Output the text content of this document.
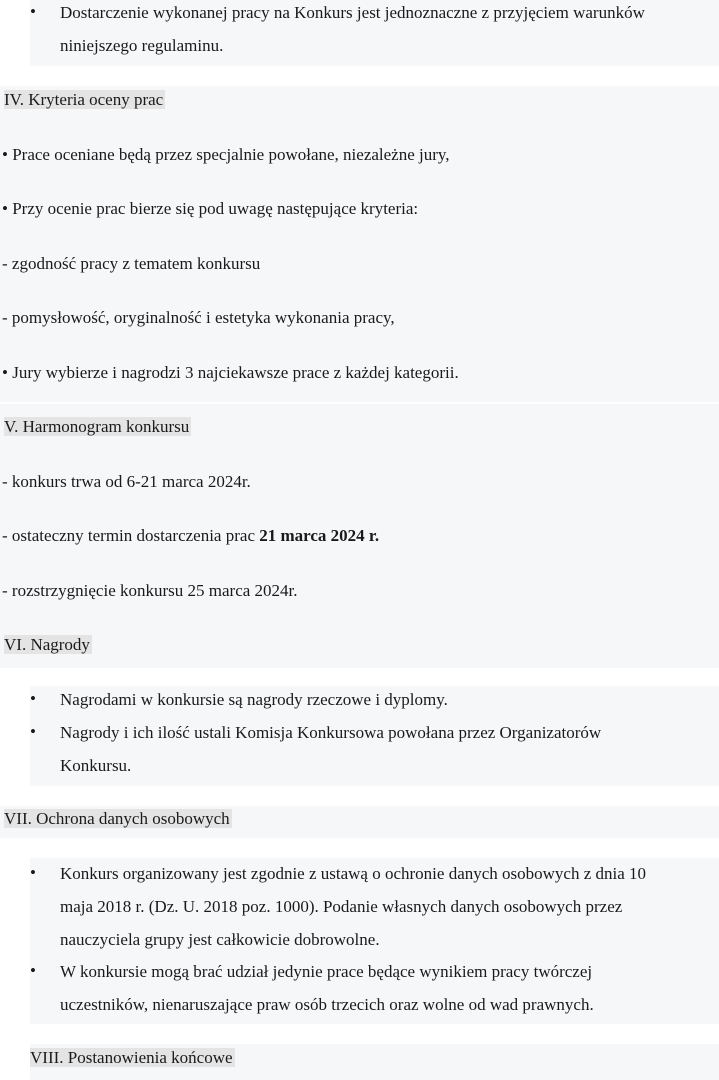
• Dostarczenie wykonanej pracy na Konkurs jest jednoznaczne z przyjęciem warunków
niniejszego regulaminu.
IV. Kryteria oceny prac
• Prace oceniane będą przez specjalnie powołane, niezależne jury,
• Przy ocenie prac bierze się pod uwagę następujące kryteria:
- zgodność pracy z tematem konkursu
- pomysłowość, oryginalność i estetyka wykonania pracy,
• Jury wybierze i nagrodzi 3 najciekawsze prace z każdej kategorii.
V. Harmonogram konkursu
- konkurs trwa od 6-21 marca 2024r.
- ostateczny termin dostarczenia prac 21 marca 2024 r.
- rozstrzygnięcie konkursu 25 marca 2024r.
VI. Nagrody
• Nagrodami w konkursie są nagrody rzeczowe i dyplomy.
• Nagrody i ich ilość ustali Komisja Konkursowa powołana przez Organizatorów
Konkursu.
VII. Ochrona danych osobowych
• Konkurs organizowany jest zgodnie z ustawą o ochronie danych osobowych z dnia 10
maja 2018 r. (Dz. U. 2018 poz. 1000). Podanie własnych danych osobowych przez
nauczyciela grupy jest całkowicie dobrowolne.
• W konkursie mogą brać udział jedynie prace będące wynikiem pracy twórczej
uczestników, nienaruszające praw osób trzecich oraz wolne od wad prawnych.
VIII. Postanowienia końcowe
